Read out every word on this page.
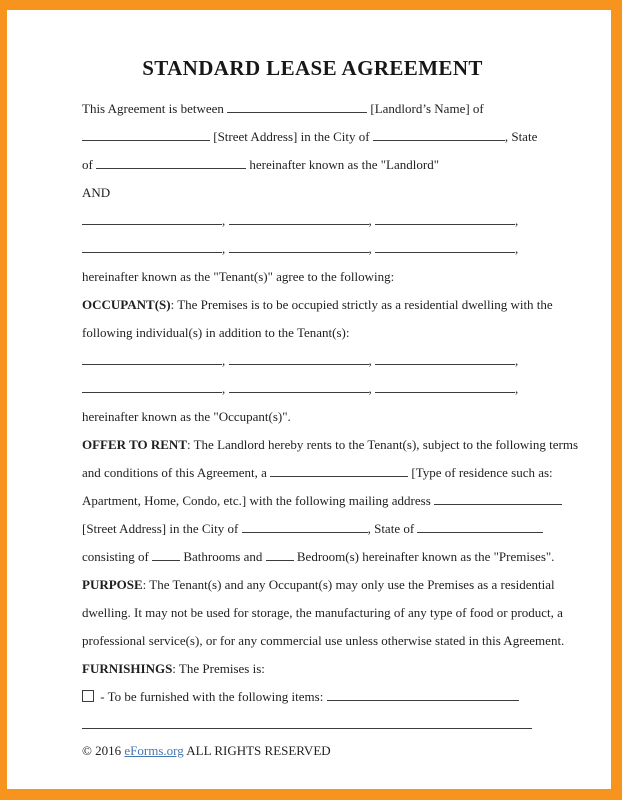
STANDARD LEASE AGREEMENT
This Agreement is between	[Landlord’s Name] of
[Street Address] in the City of	, State
of	hereinafter known as the "Landlord"
AND
,	,	,
,	,	,
hereinafter known as the "Tenant(s)" agree to the following:
OCCUPANT(S): The Premises is to be occupied strictly as a residential dwelling with the
following individual(s) in addition to the Tenant(s):
,	,	,
,	,	,
hereinafter known as the "Occupant(s)".
OFFER TO RENT: The Landlord hereby rents to the Tenant(s), subject to the following terms
and conditions of this Agreement, a	[Type of residence such as:
Apartment, Home, Condo, etc.] with the following mailing address
[Street Address] in the City of	, State of
consisting of  Bathrooms and  Bedroom(s) hereinafter known as the "Premises".
PURPOSE: The Tenant(s) and any Occupant(s) may only use the Premises as a residential
dwelling. It may not be used for storage, the manufacturing of any type of food or product, a
professional service(s), or for any commercial use unless otherwise stated in this Agreement.
FURNISHINGS: The Premises is:
- To be furnished with the following items:
© 2016 eForms.org ALL RIGHTS RESERVED
